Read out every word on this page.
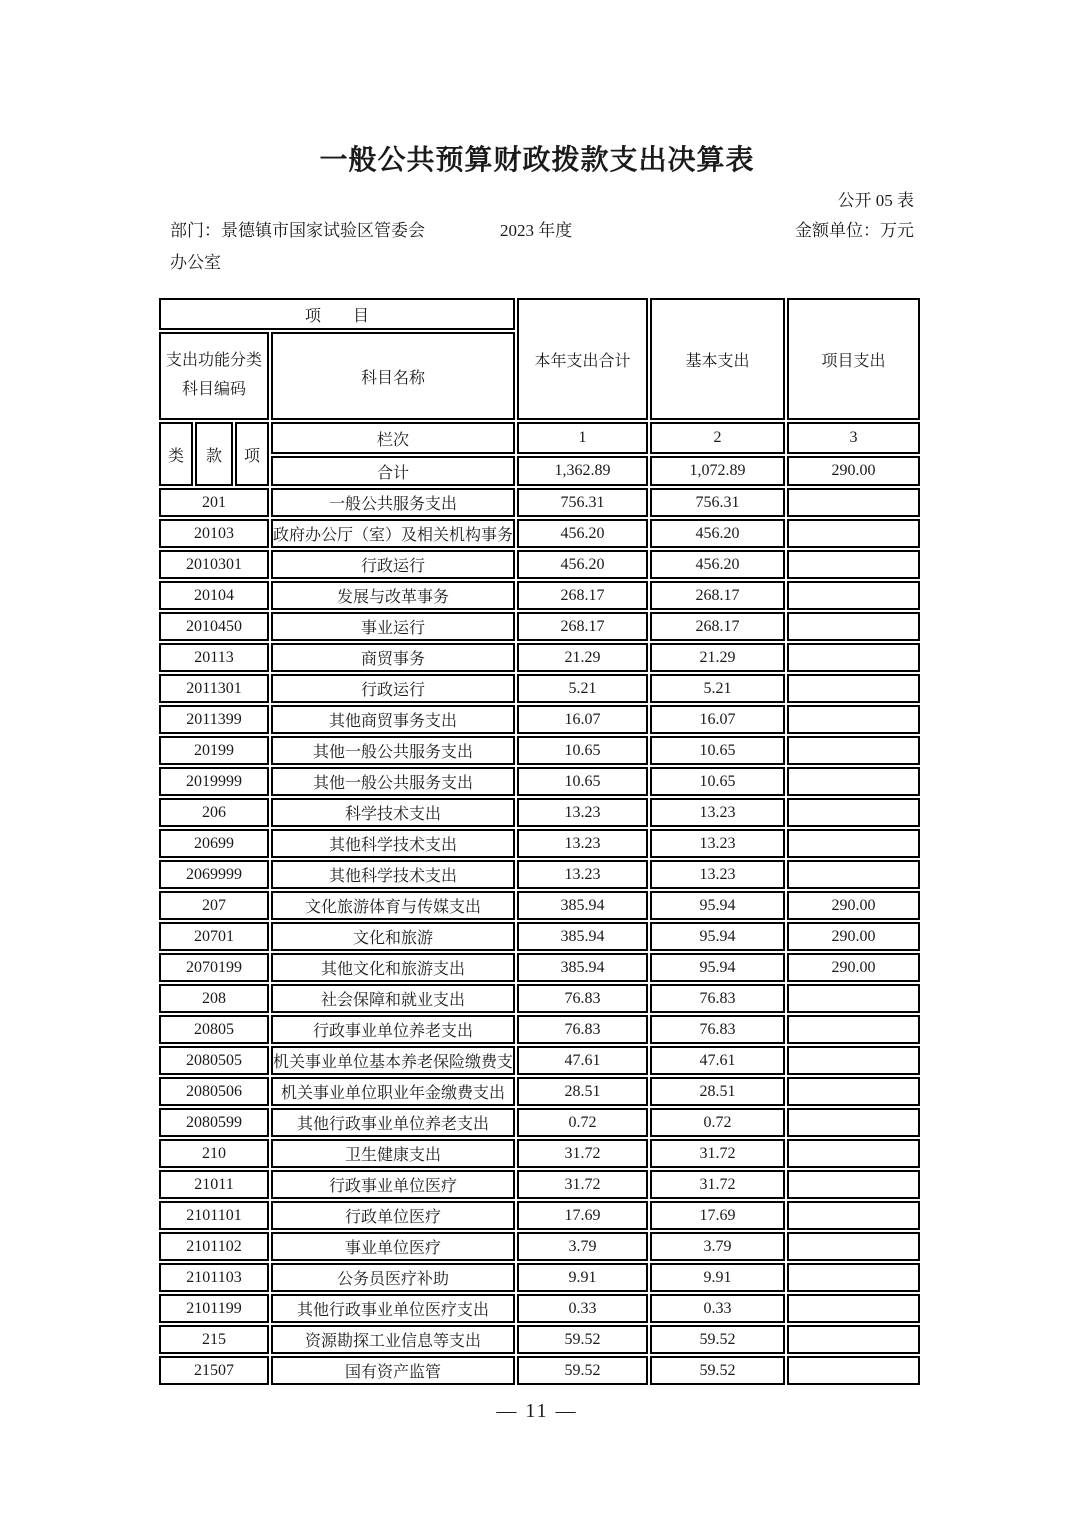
一般公共预算财政拨款支出决算表
公开 05 表
部门：景德镇市国家试验区管委会	2023 年度	金额单位：万元
办公室
项　　目				本年支出合计	基本支出	项目支出

支出功能分类
科目编码			科目名称			
类	款	项	栏次	1	2	3
			合计	1,362.89	1,072.89	290.00
201			一般公共服务支出	756.31	756.31	
20103			政府办公厅（室）及相关机构事务	456.20	456.20	
2010301			行政运行	456.20	456.20	
20104			发展与改革事务	268.17	268.17	
2010450			事业运行	268.17	268.17	
20113			商贸事务	21.29	21.29	
2011301			行政运行	5.21	5.21	
2011399			其他商贸事务支出	16.07	16.07	
20199			其他一般公共服务支出	10.65	10.65	
2019999			其他一般公共服务支出	10.65	10.65	
206			科学技术支出	13.23	13.23	
20699			其他科学技术支出	13.23	13.23	
2069999			其他科学技术支出	13.23	13.23	
207			文化旅游体育与传媒支出	385.94	95.94	290.00
20701			文化和旅游	385.94	95.94	290.00
2070199			其他文化和旅游支出	385.94	95.94	290.00
208			社会保障和就业支出	76.83	76.83	
20805			行政事业单位养老支出	76.83	76.83	
2080505			机关事业单位基本养老保险缴费支	47.61	47.61	
2080506			机关事业单位职业年金缴费支出	28.51	28.51	
2080599			其他行政事业单位养老支出	0.72	0.72	
210			卫生健康支出	31.72	31.72	
21011			行政事业单位医疗	31.72	31.72	
2101101			行政单位医疗	17.69	17.69	
2101102			事业单位医疗	3.79	3.79	
2101103			公务员医疗补助	9.91	9.91	
2101199			其他行政事业单位医疗支出	0.33	0.33	
215			资源勘探工业信息等支出	59.52	59.52	
21507			国有资产监管	59.52	59.52	
— 11 —
